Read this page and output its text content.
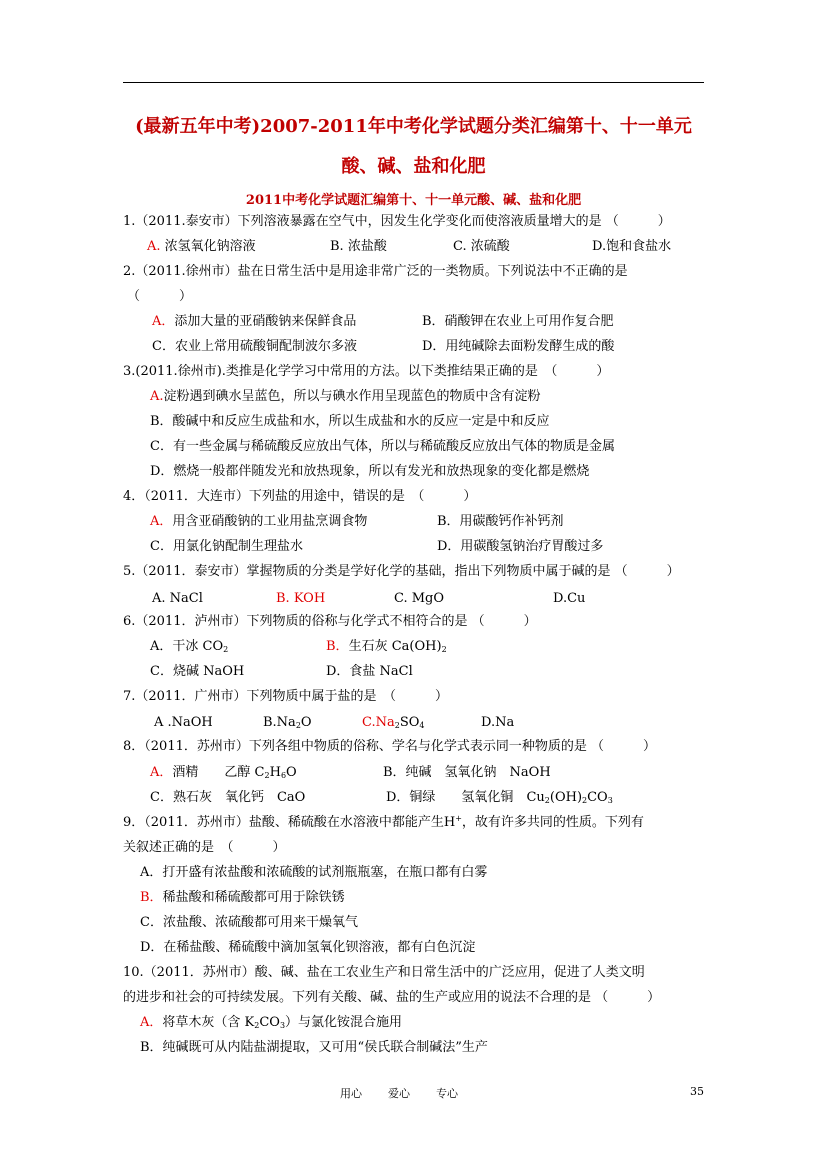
(最新五年中考)2007-2011年中考化学试题分类汇编第十、十一单元
酸、碱、盐和化肥
2011中考化学试题汇编第十、十一单元酸、碱、盐和化肥
1.（2011.泰安市）下列溶液暴露在空气中，因发生化学变化而使溶液质量增大的是 （　　　）
A. 浓氢氧化钠溶液	B. 浓盐酸	C. 浓硫酸	D.饱和食盐水
2.（2011.徐州市）盐在日常生活中是用途非常广泛的一类物质。下列说法中不正确的是
（　　　）
A．添加大量的亚硝酸钠来保鲜食品	B．硝酸钾在农业上可用作复合肥
C．农业上常用硫酸铜配制波尔多液	D．用纯碱除去面粉发酵生成的酸
3.(2011.徐州市).类推是化学学习中常用的方法。以下类推结果正确的是　（　　　）
A.淀粉遇到碘水呈蓝色，所以与碘水作用呈现蓝色的物质中含有淀粉
B．酸碱中和反应生成盐和水，所以生成盐和水的反应一定是中和反应
C．有一些金属与稀硫酸反应放出气体，所以与稀硫酸反应放出气体的物质是金属
D．燃烧一般都伴随发光和放热现象，所以有发光和放热现象的变化都是燃烧
4．（2011．大连市）下列盐的用途中，错误的是　（　　　）
A．用含亚硝酸钠的工业用盐烹调食物	B．用碳酸钙作补钙剂
C．用氯化钠配制生理盐水	D．用碳酸氢钠治疗胃酸过多
5.（2011．泰安市）掌握物质的分类是学好化学的基础，指出下列物质中属于碱的是 （　　　）
A. NaCl	B. KOH	C. MgO	D.Cu
6.（2011．泸州市）下列物质的俗称与化学式不相符合的是 （　　　）
A．干冰 $CO_2$	B．生石灰 $Ca(OH)_2$
C．烧碱 NaOH	D．食盐 NaCl
7.（2011．广州市）下列物质中属于盐的是　（　　　）
A .NaOH	$B.Na_2O$	$C.Na_2SO_4$	D.Na
8．（2011．苏州市）下列各组中物质的俗称、学名与化学式表示同一种物质的是 （　　　）
A．酒精　　乙醇 $C_2H_6O$	B．纯碱　氢氧化钠　NaOH
C．熟石灰　氧化钙　CaO	D．铜绿　　氢氧化铜　 $Cu_2(OH)_2CO_3$
9．（2011．苏州市）盐酸、稀硫酸在水溶液中都能产生H+，故有许多共同的性质。下列有
关叙述正确的是　（　　　）
A．打开盛有浓盐酸和浓硫酸的试剂瓶瓶塞，在瓶口都有白雾
B．稀盐酸和稀硫酸都可用于除铁锈
C．浓盐酸、浓硫酸都可用来干燥氧气
D．在稀盐酸、稀硫酸中滴加氢氧化钡溶液，都有白色沉淀
10.（2011．苏州市）酸、碱、盐在工农业生产和日常生活中的广泛应用，促进了人类文明
的进步和社会的可持续发展。下列有关酸、碱、盐的生产或应用的说法不合理的是 （　　　）
A．将草木灰（含 $K_2CO_3$）与氯化铵混合施用
B．纯碱既可从内陆盐湖提取，又可用“侯氏联合制碱法”生产
用心 爱心 专心	35
